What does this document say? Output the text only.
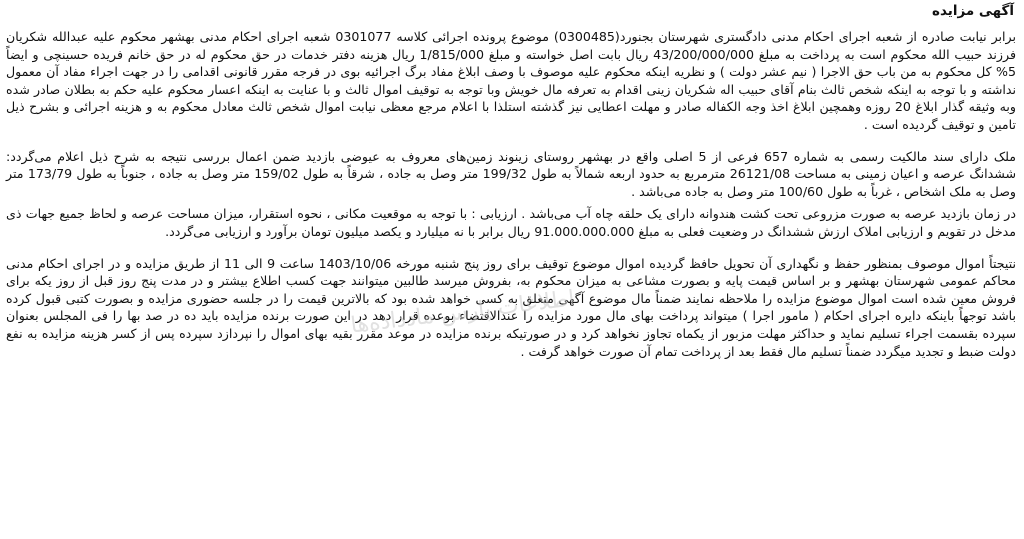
آگهی مزایده

برابر نیابت صادره از شعبه اجرای احکام مدنی دادگستری شهرستان بجنورد(0300485) موضوع پرونده اجرائی کلاسه 0301077 شعبه اجرای احکام مدنی بهشهر محکوم علیه عبدالله شکریان فرزند حبیب الله محکوم است به پرداخت به مبلغ 43/200/000/000 ریال بابت اصل خواسته و مبلغ 1/815/000 ریال هزینه دفتر خدمات در حق محکوم له در حق خانم فریده حسینچی و ایضاً 5% کل محکوم به من باب حق الاجرا ( نیم عشر دولت ) و نظریه اینکه محکوم علیه موصوف با وصف ابلاغ مفاد برگ اجرائیه بوی در فرجه مقرر قانونی اقدامی را در جهت اجراء مفاد آن معمول نداشته و با توجه به اینکه شخص ثالث بنام آقای حبیب اله شکریان زینی اقدام به تعرفه مال خویش وبا توجه به توقیف اموال ثالث و با عنایت به اینکه اعسار محکوم علیه حکم به بطلان صادر شده وبه وثیقه گذار ابلاغ 20 روزه وهمچین ابلاغ اخذ وجه الکفاله صادر و مهلت اعطایی نیز گذشته استلذا با اعلام مرجع معظی نیابت اموال شخص ثالث معادل محکوم به و هزینه اجرائی و بشرح ذیل تامین و توقیف گردیده است .

ملک دارای سند مالکیت رسمی به شماره 657 فرعی از 5 اصلی واقع در بهشهر روستای زینوند زمین‌های معروف به عیوضی بازدید ضمن اعمال بررسی نتیجه به شرح ذیل اعلام می‌گردد: ششدانگ عرصه و اعیان زمینی به مساحت 26121/08 مترمربع به حدود اربعه شمالاً به طول 199/32 متر وصل به جاده ، شرقاً به طول 159/02 متر وصل به جاده ، جنوباً به طول 173/79 متر وصل به ملک اشخاص ، غرباً به طول 100/60 متر وصل به جاده می‌باشد .

در زمان بازدید عرصه به صورت مزروعی تحت کشت هندوانه دارای یک حلقه چاه آب می‌باشد . ارزیابی : با توجه به موقعیت مکانی ، نحوه استقرار، میزان مساحت عرصه و لحاظ جمیع جهات ذی مدخل در تقویم و ارزیابی املاک ارزش ششدانگ در وضعیت فعلی به مبلغ 91.000.000.000 ریال برابر با نه میلیارد و یکصد میلیون تومان برآورد و ارزیابی می‌گردد.

نتیجتاً اموال موصوف بمنظور حفظ و نگهداری آن تحویل حافظ گردیده اموال موضوع توقیف برای روز پنج شنبه مورخه 1403/10/06 ساعت 9 الی 11 از طریق مزایده و در اجرای احکام مدنی محاکم عمومی شهرستان بهشهر و بر اساس قیمت پایه و بصورت مشاعی به میزان محکوم به، بفروش میرسد طالبین میتوانند جهت کسب اطلاع بیشتر و در مدت پنج روز قبل از روز یکه برای فروش معین شده است اموال موضوع مزایده را ملاحظه نمایند ضمناً مال موضوع آگهی متعلق به کسی خواهد شده بود که بالاترین قیمت را در جلسه حضوری مزایده و بصورت کتبی قبول کرده باشد توجهاً باینکه دایره اجرای احکام ( مامور اجرا ) میتواند پرداخت بهای مال مورد مزایده را عندالاقتضاء بوعده قرار دهد در این صورت برنده مزایده باید ده در صد بها را فی المجلس بعنوان سپرده بقسمت اجراء تسلیم نماید و حداکثر مهلت مزبور از یکماه تجاوز نخواهد کرد و در صورتیکه برنده مزایده در موعد مقرر بقیه بهای اموال را نپردازد سپرده پس از کسر هزینه مزایده به نفع دولت ضبط و تجدید میگردد ضمناً تسلیم مال فقط بعد از پرداخت تمام آن صورت خواهد گرفت .

اطلاعات پارس مادداده‌ها
